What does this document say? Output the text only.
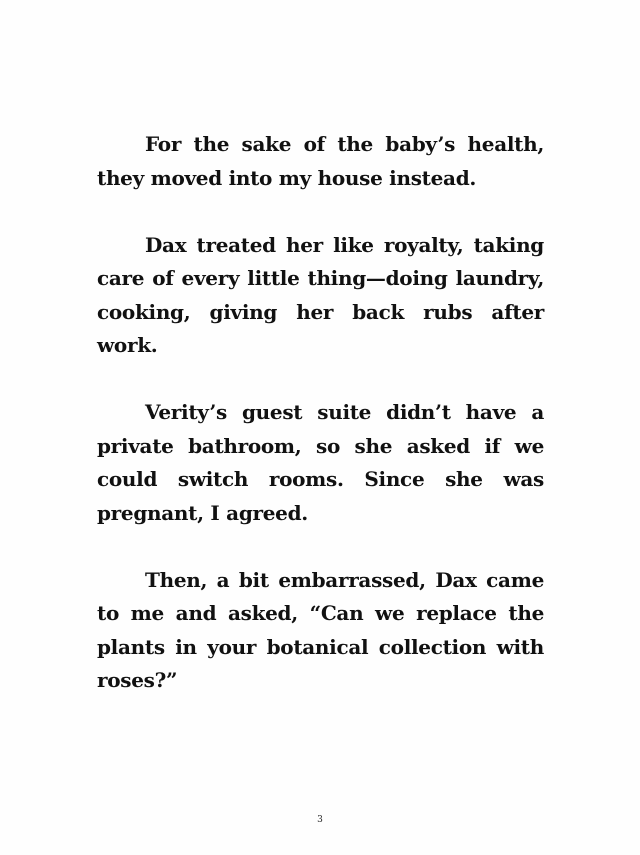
For the sake of the baby’s health, they moved into my house instead.

Dax treated her like royalty, taking care of every little thing—doing laundry, cooking, giving her back rubs after work.

Verity’s guest suite didn’t have a private bathroom, so she asked if we could switch rooms. Since she was pregnant, I agreed.

Then, a bit embarrassed, Dax came to me and asked, “Can we replace the plants in your botanical collection with roses?”

3
